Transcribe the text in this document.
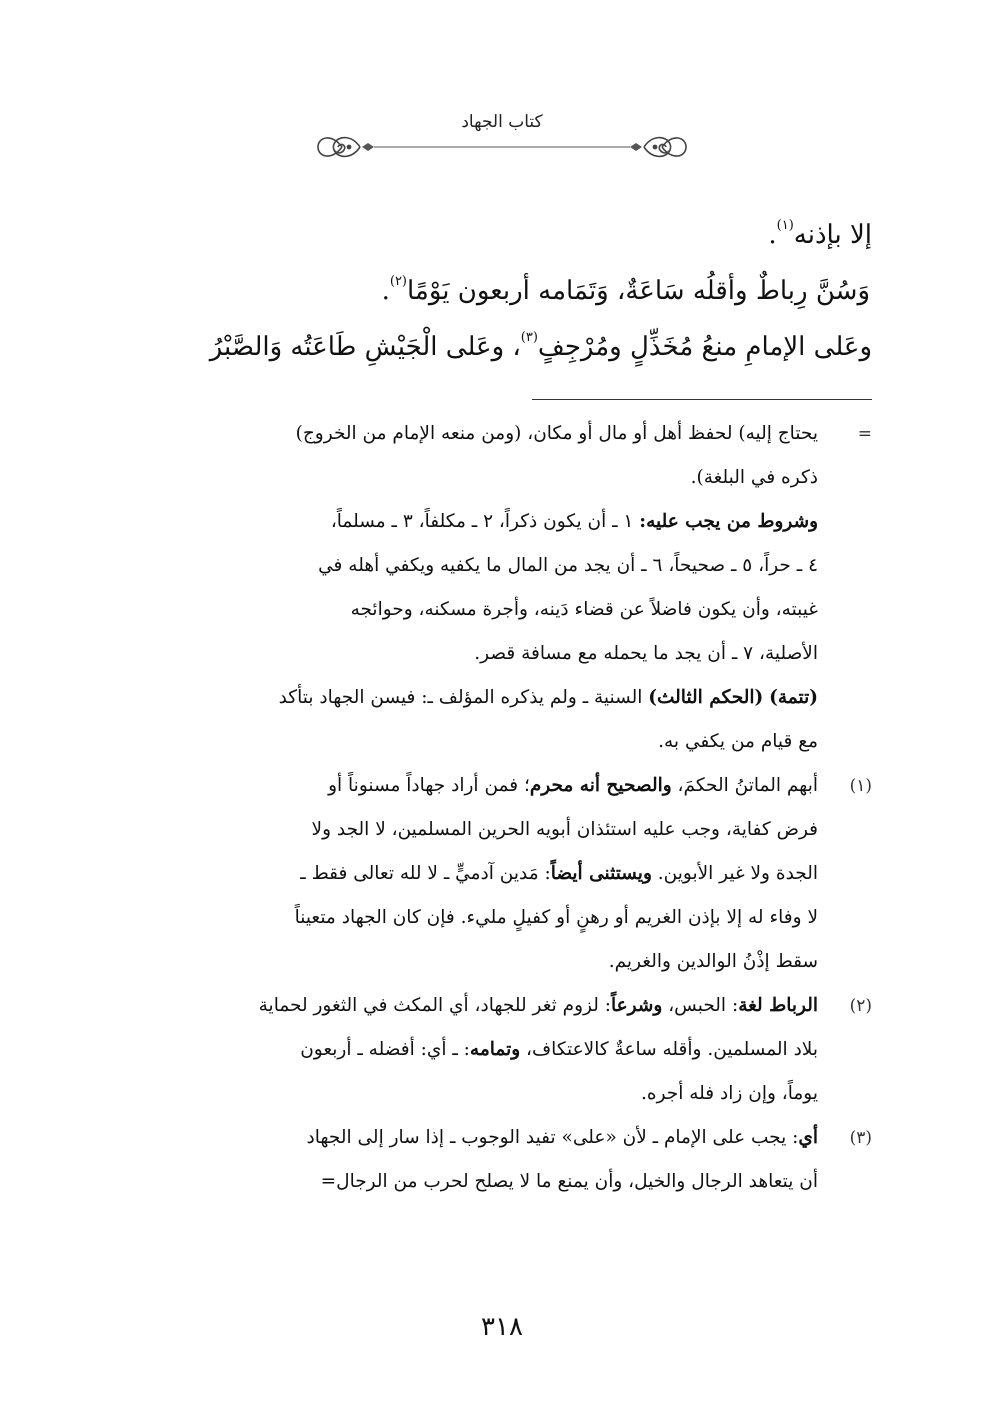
كتاب الجهاد
إلا بإذنه$^{(١)}$.
وَسُنَّ رِباطٌ وأقلُه سَاعَةٌ، وَتَمَامه أربعون يَوْمًا$^{(٢)}$.
وعَلى الإمامِ منعُ مُخَذِّلٍ ومُرْجِفٍ$^{(٣)}$، وعَلى الْجَيْشِ طَاعَتُه وَالصَّبْرُ
=
يحتاج إليه) لحفظ أهل أو مال أو مكان، (ومن منعه الإمام من الخروج)
ذكره في البلغة).
وشروط من يجب عليه: ١ ـ أن يكون ذكراً، ٢ ـ مكلفاً، ٣ ـ مسلماً،
٤ ـ حراً، ٥ ـ صحيحاً، ٦ ـ أن يجد من المال ما يكفيه ويكفي أهله في
غيبته، وأن يكون فاضلاً عن قضاء دَينه، وأجرة مسكنه، وحوائجه
الأصلية، ٧ ـ أن يجد ما يحمله مع مسافة قصر.
(تتمة) (الحكم الثالث) السنية ـ ولم يذكره المؤلف ـ: فيسن الجهاد بتأكد
مع قيام من يكفي به.
(١)
أبهم الماتنُ الحكمَ، والصحيح أنه محرم؛ فمن أراد جهاداً مسنوناً أو
فرض كفاية، وجب عليه استئذان أبويه الحرين المسلمين، لا الجد ولا
الجدة ولا غير الأبوين. ويستثنى أيضاً: مَدين آدميٍّ ـ لا لله تعالى فقط ـ
لا وفاء له إلا بإذن الغريم أو رهنٍ أو كفيلٍ مليء. فإن كان الجهاد متعيناً
سقط إذْنُ الوالدين والغريم.
(٢)
الرباط لغة: الحبس، وشرعاً: لزوم ثغر للجهاد، أي المكث في الثغور لحماية
بلاد المسلمين. وأقله ساعةٌ كالاعتكاف، وتمامه: ـ أي: أفضله ـ أربعون
يوماً، وإن زاد فله أجره.
(٣)
أي: يجب على الإمام ـ لأن «على» تفيد الوجوب ـ إذا سار إلى الجهاد
أن يتعاهد الرجال والخيل، وأن يمنع ما لا يصلح لحرب من الرجال=
٣١٨
